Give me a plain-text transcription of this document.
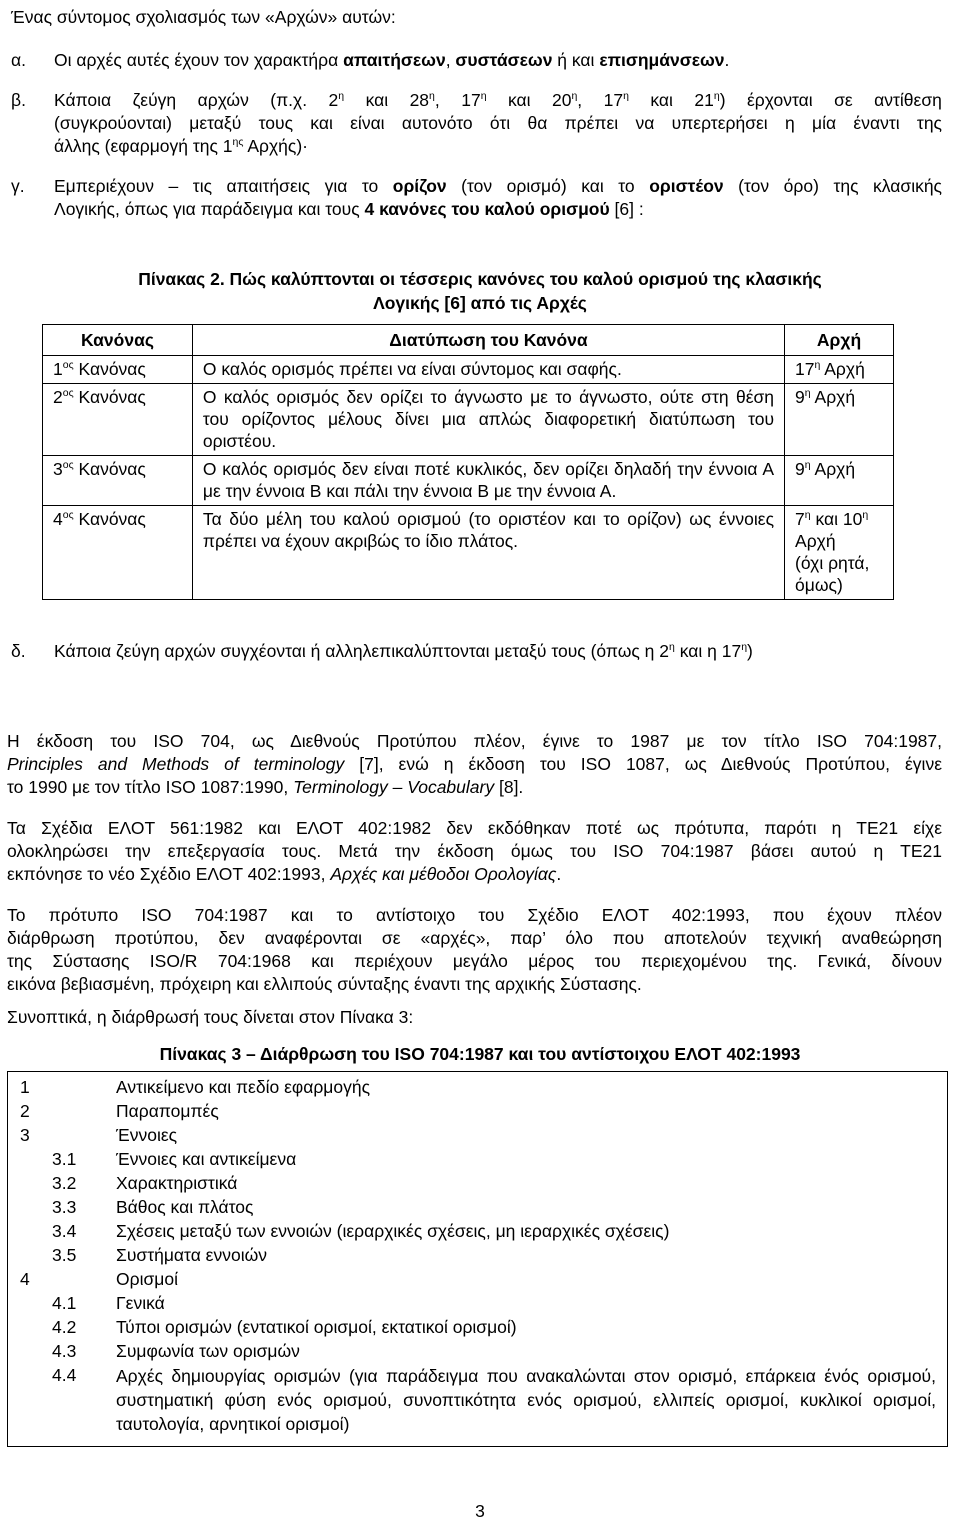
Ένας σύντομος σχολιασμός των «Αρχών» αυτών:
α. Οι αρχές αυτές έχουν τον χαρακτήρα απαιτήσεων, συστάσεων ή και επισημάνσεων.
β. Κάποια ζεύγη αρχών (π.χ. $2^\eta$ και $28^\eta$, $17^\eta$ και $20^\eta$, $17^\eta$ και $21^\eta$) έρχονται σε αντίθεση
(συγκρούονται) μεταξύ τους και είναι αυτονότο ότι θα πρέπει να υπερτερήσει η μία έναντι της
άλλης (εφαρμογή της $1^{\eta\varsigma}$ Αρχής)·
γ. Εμπεριέχουν – τις απαιτήσεις για το ορίζον (τον ορισμό) και το οριστέον (τον όρο) της κλασικής
Λογικής, όπως για παράδειγμα και τους 4 κανόνες του καλού ορισμού [6] :
Πίνακας 2. Πώς καλύπτονται οι τέσσερις κανόνες του καλού ορισμού της κλασικής
Λογικής [6] από τις Αρχές
Κανόνας	Διατύπωση του Κανόνα	Αρχή
$1^{o\varsigma}$ Κανόνας	Ο καλός ορισμός πρέπει να είναι σύντομος και σαφής.	$17^\eta$ Αρχή
$2^{o\varsigma}$ Κανόνας	Ο καλός ορισμός δεν ορίζει το άγνωστο με το άγνωστο, ούτε στη θέση του ορίζοντος μέλους δίνει μια απλώς διαφορετική διατύπωση του οριστέου.	$9^\eta$ Αρχή
$3^{o\varsigma}$ Κανόνας	Ο καλός ορισμός δεν είναι ποτέ κυκλικός, δεν ορίζει δηλαδή την έννοια Α με την έννοια Β και πάλι την έννοια Β με την έννοια Α.	$9^\eta$ Αρχή
$4^{o\varsigma}$ Κανόνας	Τα δύο μέλη του καλού ορισμού (το οριστέον και το ορίζον) ως έννοιες πρέπει να έχουν ακριβώς το ίδιο πλάτος.	$7^\eta$ και $10^\eta$ Αρχή
(όχι ρητά, όμως)
δ. Κάποια ζεύγη αρχών συγχέονται ή αλληλεπικαλύπτονται μεταξύ τους (όπως η $2^\eta$ και η $17^\eta$)
Η έκδοση του ISO 704, ως Διεθνούς Προτύπου πλέον, έγινε το 1987 με τον τίτλο ISO 704:1987,
Principles and Methods of terminology [7], ενώ η έκδοση του ISO 1087, ως Διεθνούς Προτύπου, έγινε
το 1990 με τον τίτλο ISO 1087:1990, Terminology – Vocabulary [8].
Τα Σχέδια ΕΛΟΤ 561:1982 και ΕΛΟΤ 402:1982 δεν εκδόθηκαν ποτέ ως πρότυπα, παρότι η ΤΕ21 είχε
ολοκληρώσει την επεξεργασία τους. Μετά την έκδοση όμως του ISO 704:1987 βάσει αυτού η ΤΕ21
εκπόνησε το νέο Σχέδιο ΕΛΟΤ 402:1993, Αρχές και μέθοδοι Ορολογίας.
Το πρότυπο ISO 704:1987 και το αντίστοιχο του Σχέδιο ΕΛΟΤ 402:1993, που έχουν πλέον
διάρθρωση προτύπου, δεν αναφέρονται σε «αρχές», παρ’ όλο που αποτελούν τεχνική αναθεώρηση
της Σύστασης ISO/R 704:1968 και περιέχουν μεγάλο μέρος του περιεχομένου της. Γενικά, δίνουν
εικόνα βεβιασμένη, πρόχειρη και ελλιπούς σύνταξης έναντι της αρχικής Σύστασης.
Συνοπτικά, η διάρθρωσή τους δίνεται στον Πίνακα 3:
Πίνακας 3 – Διάρθρωση του ISO 704:1987 και του αντίστοιχου ΕΛΟΤ 402:1993
1	Αντικείμενο και πεδίο εφαρμογής
2	Παραπομπές
3	Έννοιες
3.1 Έννοιες και αντικείμενα
3.2 Χαρακτηριστικά
3.3 Βάθος και πλάτος
3.4 Σχέσεις μεταξύ των εννοιών (ιεραρχικές σχέσεις, μη ιεραρχικές σχέσεις)
3.5 Συστήματα εννοιών
4	Ορισμοί
4.1 Γενικά
4.2 Τύποι ορισμών (εντατικοί ορισμοί, εκτατικοί ορισμοί)
4.3 Συμφωνία των ορισμών
4.4 Αρχές δημιουργίας ορισμών (για παράδειγμα που ανακαλώνται στον ορισμό, επάρκεια ένός ορισμού, συστηματική φύση ενός ορισμού, συνοπτικότητα ενός ορισμού, ελλιπείς ορισμοί, κυκλικοί ορισμοί, ταυτολογία, αρνητικοί ορισμοί)
3
